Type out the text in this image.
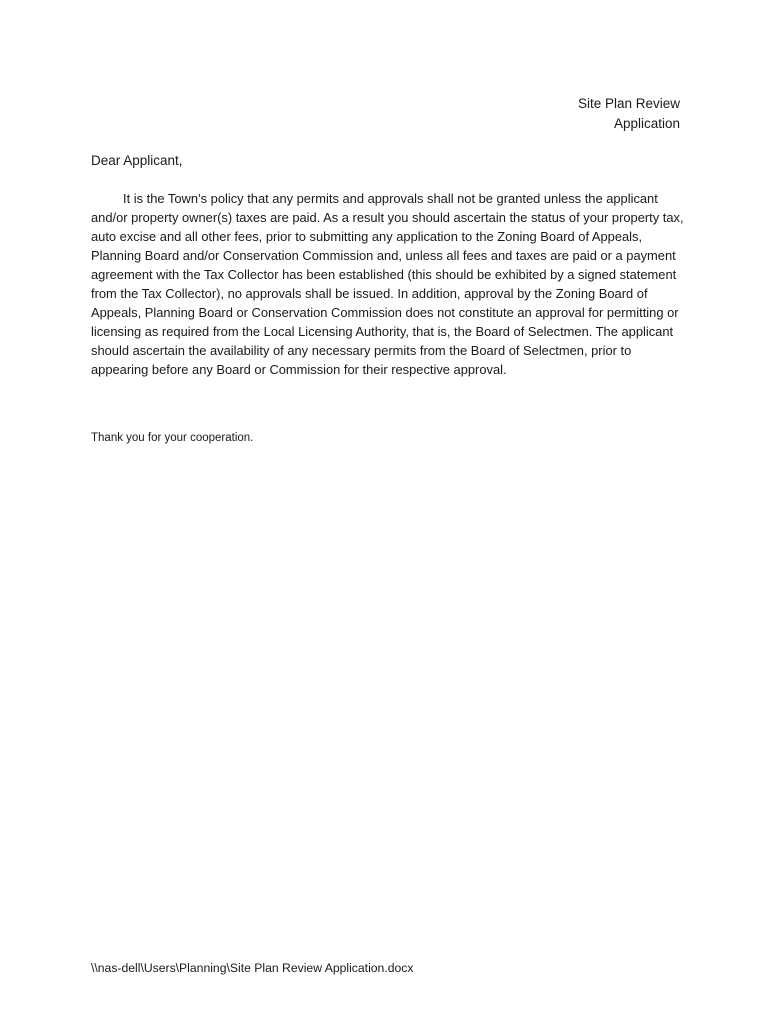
Site Plan Review
Application
Dear Applicant,

It is the Town’s policy that any permits and approvals shall not be granted unless the applicant and/or property owner(s) taxes are paid. As a result you should ascertain the status of your property tax, auto excise and all other fees, prior to submitting any application to the Zoning Board of Appeals, Planning Board and/or Conservation Commission and, unless all fees and taxes are paid or a payment agreement with the Tax Collector has been established (this should be exhibited by a signed statement from the Tax Collector), no approvals shall be issued. In addition, approval by the Zoning Board of Appeals, Planning Board or Conservation Commission does not constitute an approval for permitting or licensing as required from the Local Licensing Authority, that is, the Board of Selectmen. The applicant should ascertain the availability of any necessary permits from the Board of Selectmen, prior to appearing before any Board or Commission for their respective approval.

Thank you for your cooperation.
\\nas-dell\Users\Planning\Site Plan Review Application.docx
